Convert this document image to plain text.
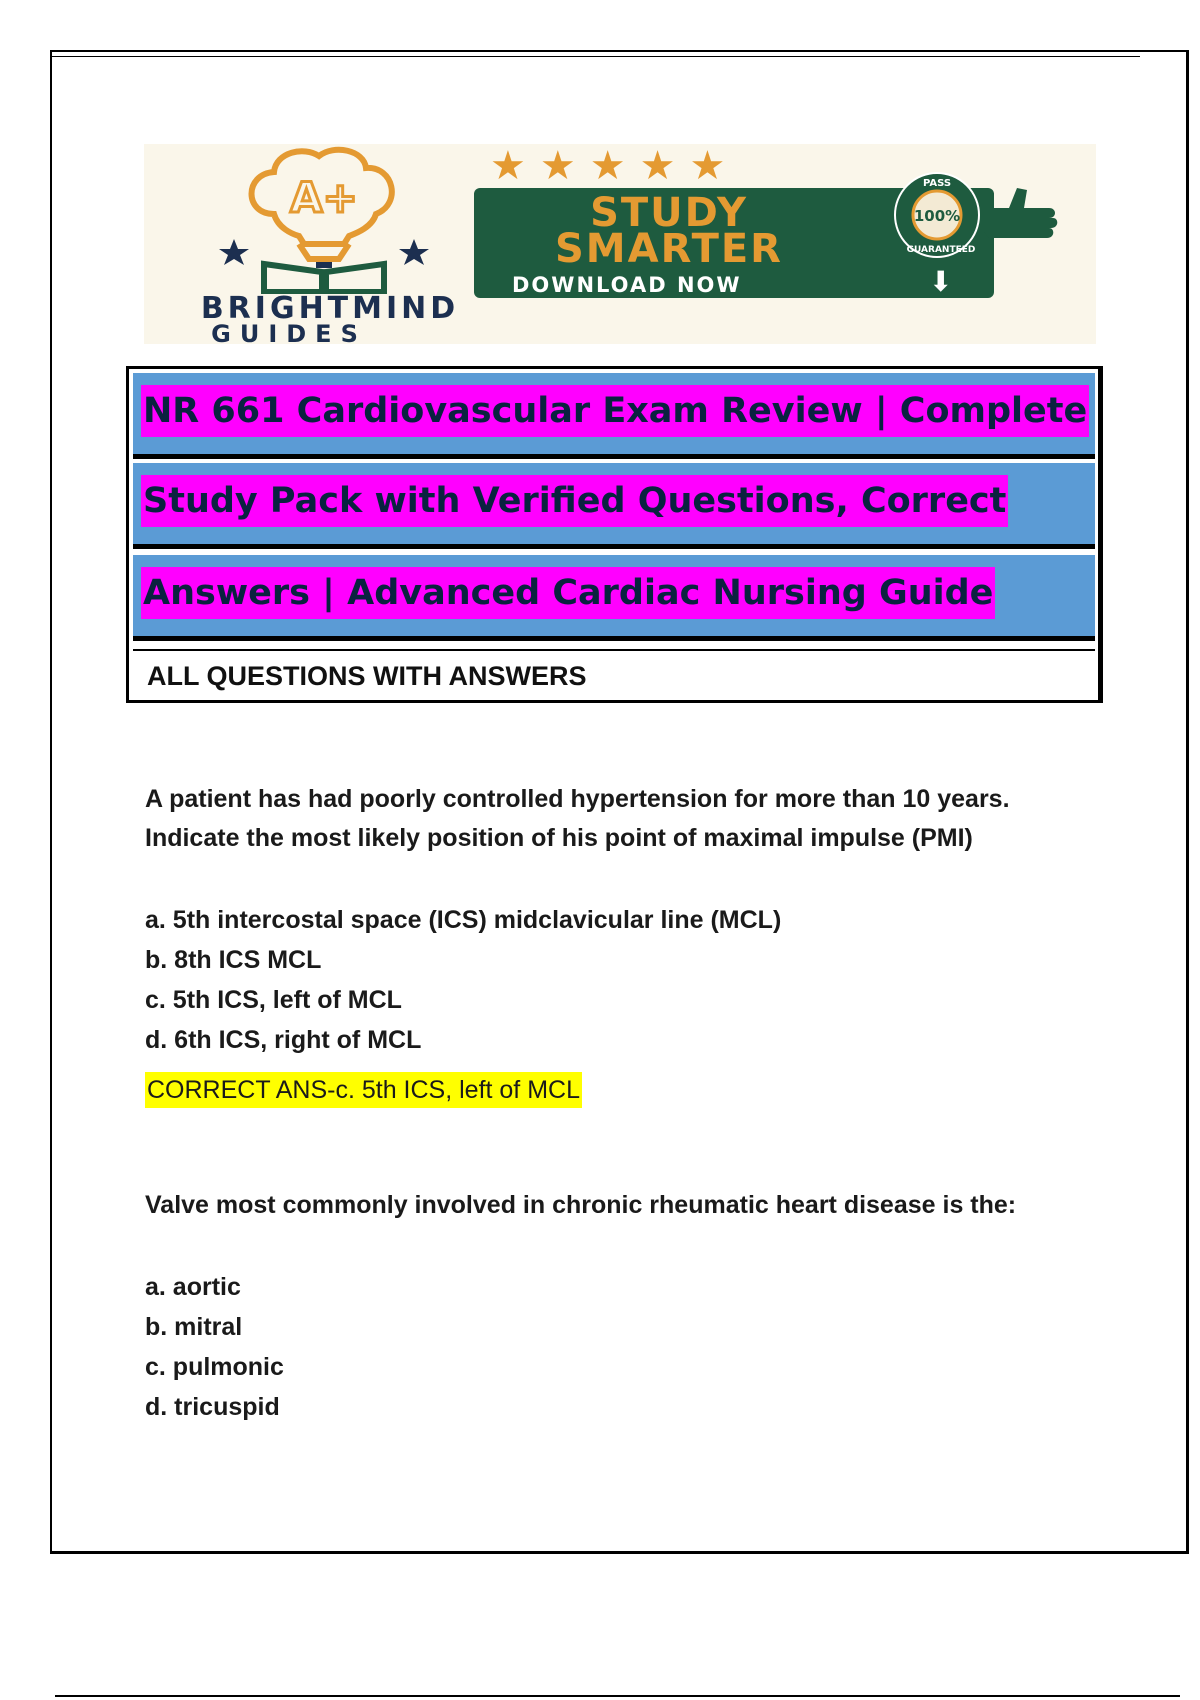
A+
BRIGHTMIND
GUIDES
★★★★★
STUDY
SMARTER
DOWNLOAD NOW	⬇
100%
PASS
GUARANTEED
NR 661 Cardiovascular Exam Review | Complete
Study Pack with Verified Questions, Correct
Answers | Advanced Cardiac Nursing Guide
ALL QUESTIONS WITH ANSWERS

A patient has had poorly controlled hypertension for more than 10 years.

Indicate the most likely position of his point of maximal impulse (PMI)

a. 5th intercostal space (ICS) midclavicular line (MCL)
b. 8th ICS MCL
c. 5th ICS, left of MCL
d. 6th ICS, right of MCL
CORRECT ANS-c. 5th ICS, left of MCL

Valve most commonly involved in chronic rheumatic heart disease is the:

a. aortic
b. mitral
c. pulmonic
d. tricuspid
